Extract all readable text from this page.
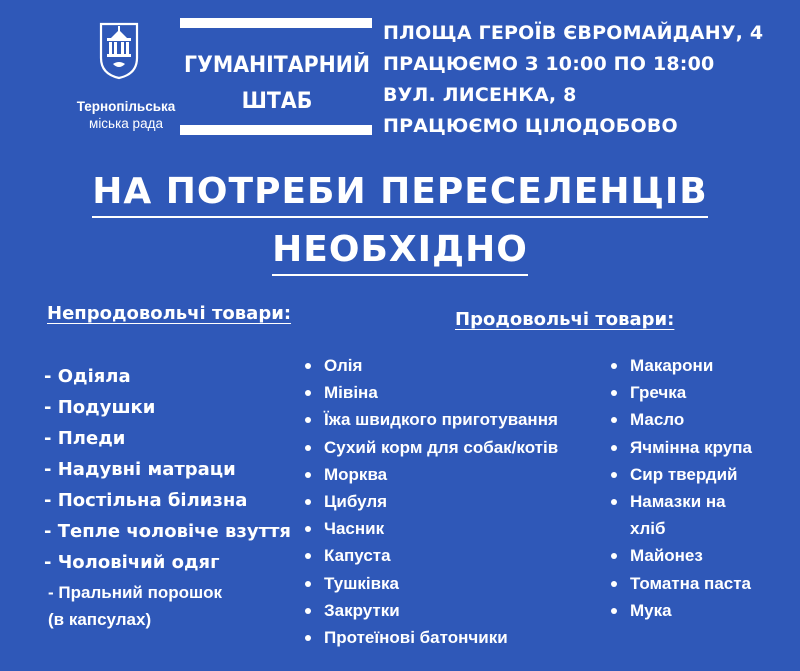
Тернопільська
міська рада
ГУМАНІТАРНИЙ
ШТАБ
ПЛОЩА ГЕРОЇВ ЄВРОМАЙДАНУ, 4
ПРАЦЮЄМО З 10:00 ПО 18:00
ВУЛ. ЛИСЕНКА, 8
ПРАЦЮЄМО ЦІЛОДОБОВО
НА ПОТРЕБИ ПЕРЕСЕЛЕНЦІВ
НЕОБХІДНО
Непродовольчі товари:	Продовольчі товари:
- Одіяла
- Подушки
- Пледи
- Надувні матраци
- Постільна білизна
- Тепле чоловіче взуття
- Чоловічий одяг
- Пральний порошок
(в капсулах)
Олія
Мівіна
Їжа швидкого приготування
Сухий корм для собак/котів
Морква
Цибуля
Часник
Капуста
Тушківка
Закрутки
Протеїнові батончики
Макарони
Гречка
Масло
Ячмінна крупа
Сир твердий
Намазки на
хліб
Майонез
Томатна паста
Мука
